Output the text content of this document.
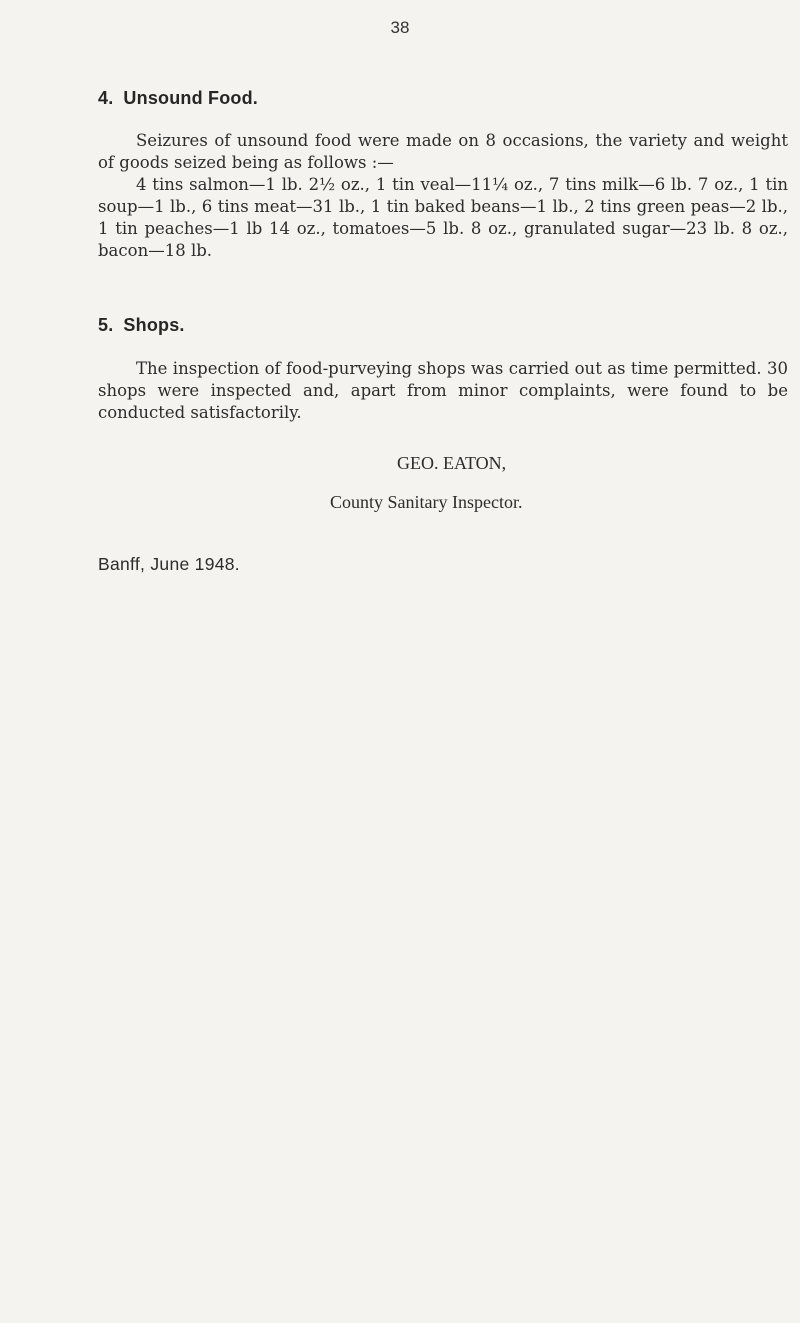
38
4. Unsound Food.
Seizures of unsound food were made on 8 occasions, the variety and weight of goods seized being as follows :—
4 tins salmon—1 lb. 2½ oz., 1 tin veal—11¼ oz., 7 tins milk—6 lb. 7 oz., 1 tin soup—1 lb., 6 tins meat—31 lb., 1 tin baked beans—1 lb., 2 tins green peas—2 lb., 1 tin peaches—1 lb 14 oz., tomatoes—5 lb. 8 oz., granulated sugar—23 lb. 8 oz., bacon—18 lb.
5. Shops.
The inspection of food-purveying shops was carried out as time permitted. 30 shops were inspected and, apart from minor complaints, were found to be conducted satisfactorily.
GEO. EATON,
County Sanitary Inspector.
Banff, June 1948.
